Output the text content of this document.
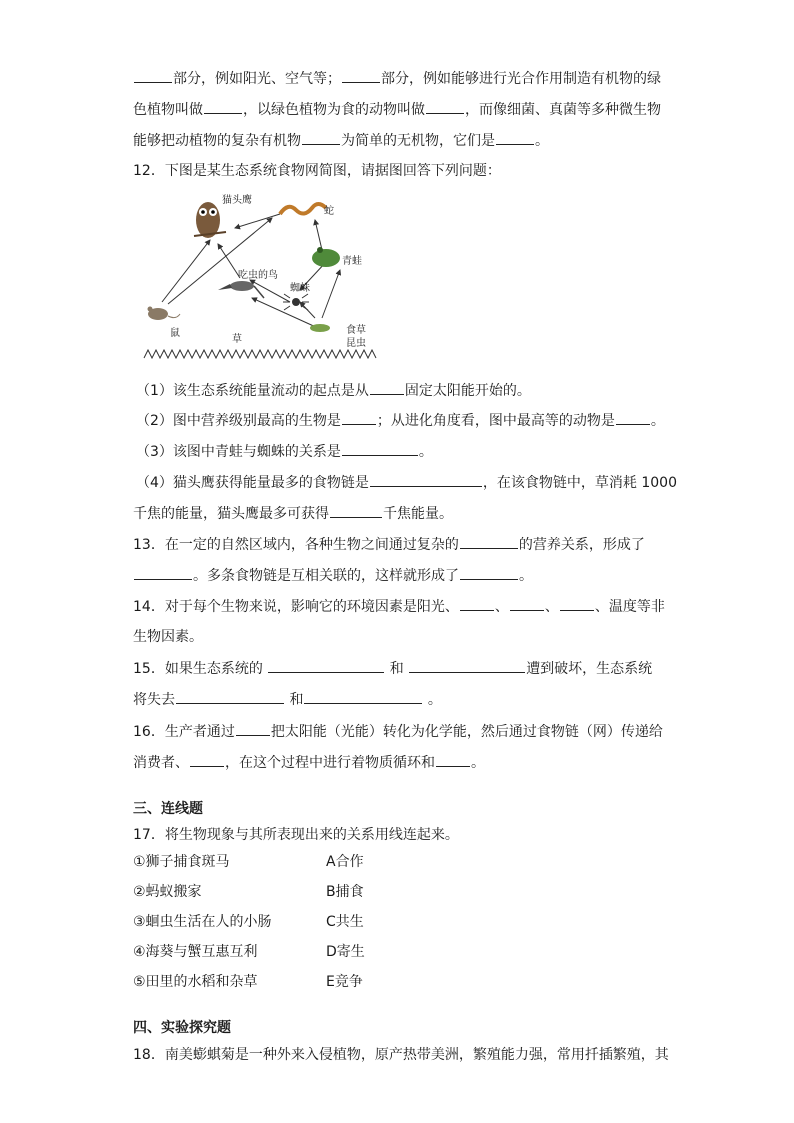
部分，例如阳光、空气等；	部分，例如能够进行光合作用制造有机物的绿
色植物叫做	，以绿色植物为食的动物叫做	，而像细菌、真菌等多种微生物
能够把动植物的复杂有机物	为简单的无机物，它们是	。
12．下图是某生态系统食物网简图，请据图回答下列问题：
猫头鹰
蛇
青蛙
吃虫的鸟
蜘蛛
鼠	食草
昆虫
草
（1）该生态系统能量流动的起点是从	固定太阳能开始的。
（2）图中营养级别最高的生物是	；从进化角度看，图中最高等的动物是	。
（3）该图中青蛙与蜘蛛的关系是	。
（4）猫头鹰获得能量最多的食物链是	，在该食物链中，草消耗 1000
千焦的能量，猫头鹰最多可获得	千焦能量。
13．在一定的自然区域内，各种生物之间通过复杂的	的营养关系，形成了
。多条食物链是互相关联的，这样就形成了	。
14．对于每个生物来说，影响它的环境因素是阳光、	、	、	、温度等非
生物因素。
15．如果生态系统的	和	遭到破坏，生态系统
将失去	和	。
16．生产者通过	把太阳能（光能）转化为化学能，然后通过食物链（网）传递给
消费者、	，在这个过程中进行着物质循环和	。
三、连线题
17．将生物现象与其所表现出来的关系用线连起来。
①狮子捕食斑马	A合作
②蚂蚁搬家	B捕食
③蛔虫生活在人的小肠	C共生
④海葵与蟹互惠互利	D寄生
⑤田里的水稻和杂草	E竞争
四、实验探究题
18．南美蟛蜞菊是一种外来入侵植物，原产热带美洲，繁殖能力强，常用扦插繁殖，其
